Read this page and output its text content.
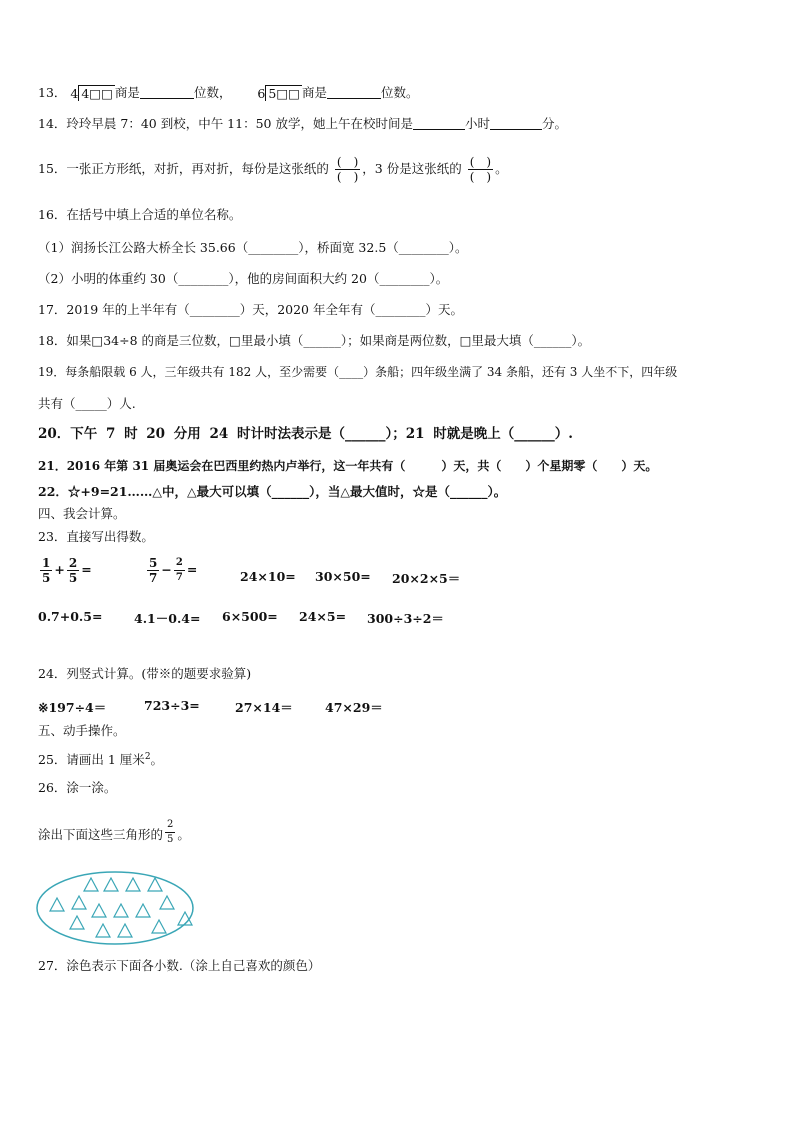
13． 4 4□□ 商是	位数， 6 5□□ 商是	位数。
14．玲玲早晨 7：40 到校，中午 11：50 放学，她上午在校时间是	小时	分。
15．一张正方形纸，对折，再对折，每份是这张纸的 $\frac{( )}{( )}$ ，3 份是这张纸的 $\frac{( )}{( )}$ 。
16．在括号中填上合适的单位名称。
（1）润扬长江公路大桥全长 35.66（________），桥面宽 32.5（________）。
（2）小明的体重约 30（________），他的房间面积大约 20（________）。
17．2019 年的上半年有（________）天，2020 年全年有（________）天。
18．如果□34÷8 的商是三位数，□里最小填（______）；如果商是两位数，□里最大填（______）。
19．每条船限载 6 人，三年级共有 182 人，至少需要（____）条船；四年级坐满了 34 条船，还有 3 人坐不下，四年级
共有（_____）人.
20．下午 7 时 20 分用 24 时计时法表示是（______）；21 时就是晚上（______）.
21．2016 年第 31 届奥运会在巴西里约热内卢举行，这一年共有（　　　）天，共（　　）个星期零（　　）天。
22．☆+9=21……△中，△最大可以填（______），当△最大值时，☆是（______）。
四、我会计算。
23．直接写出得数。
$\frac{1}{5} + \frac{2}{5}$ =	$\frac{5}{7} - \frac{2}{7}$ =	24×10= 30×50= 20×2×5＝
0.7+0.5=	4.1－0.4= 6×500= 24×5= 300÷3÷2＝
24．列竖式计算。(带※的题要求验算)
※197÷4＝	723÷3=	27×14＝	47×29＝
五、动手操作。
25．请画出 1 厘米$^2$。
26．涂一涂。
涂出下面这些三角形的 $\frac{2}{5}$ 。
27．涂色表示下面各小数.（涂上自己喜欢的颜色）
